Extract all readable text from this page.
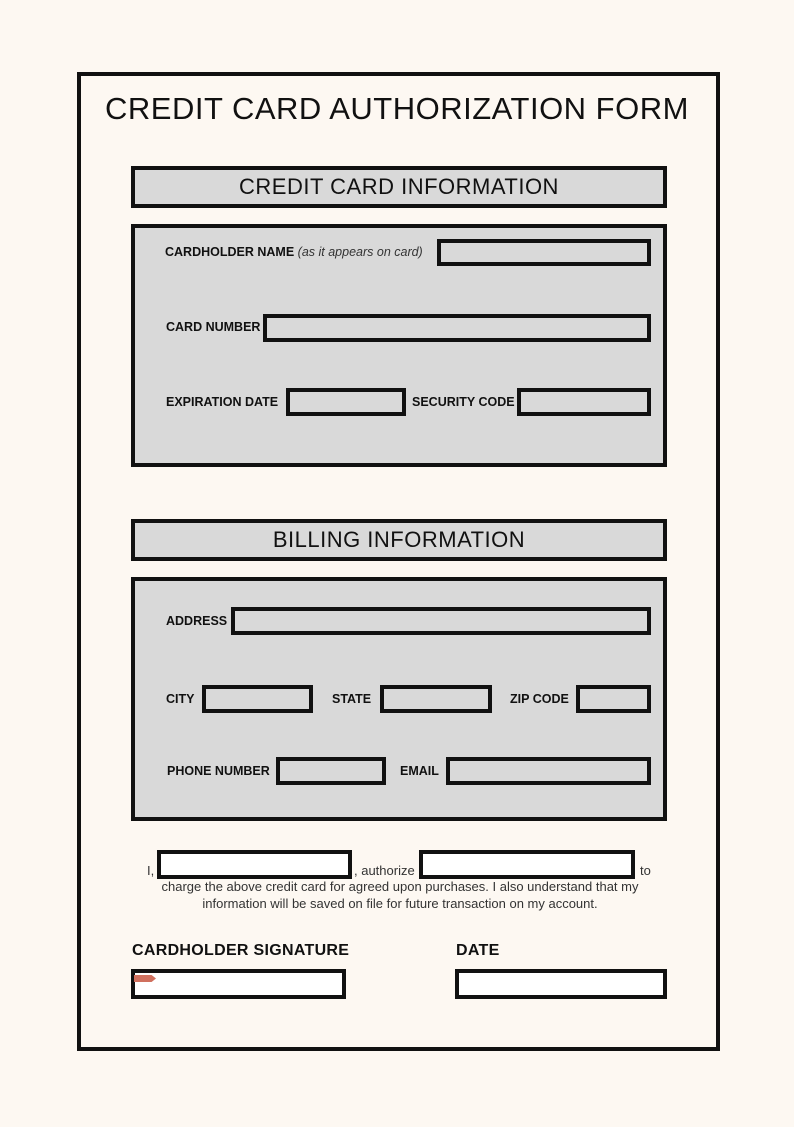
CREDIT CARD AUTHORIZATION FORM
CREDIT CARD INFORMATION
CARDHOLDER NAME (as it appears on card)
CARD NUMBER
EXPIRATION DATE	SECURITY CODE
BILLING INFORMATION
ADDRESS
CITY	STATE	ZIP CODE
PHONE NUMBER	EMAIL
I,	, authorize	to
charge the above credit card for agreed upon purchases. I also understand that my information will be saved on file for future transaction on my account.
CARDHOLDER SIGNATURE	DATE
